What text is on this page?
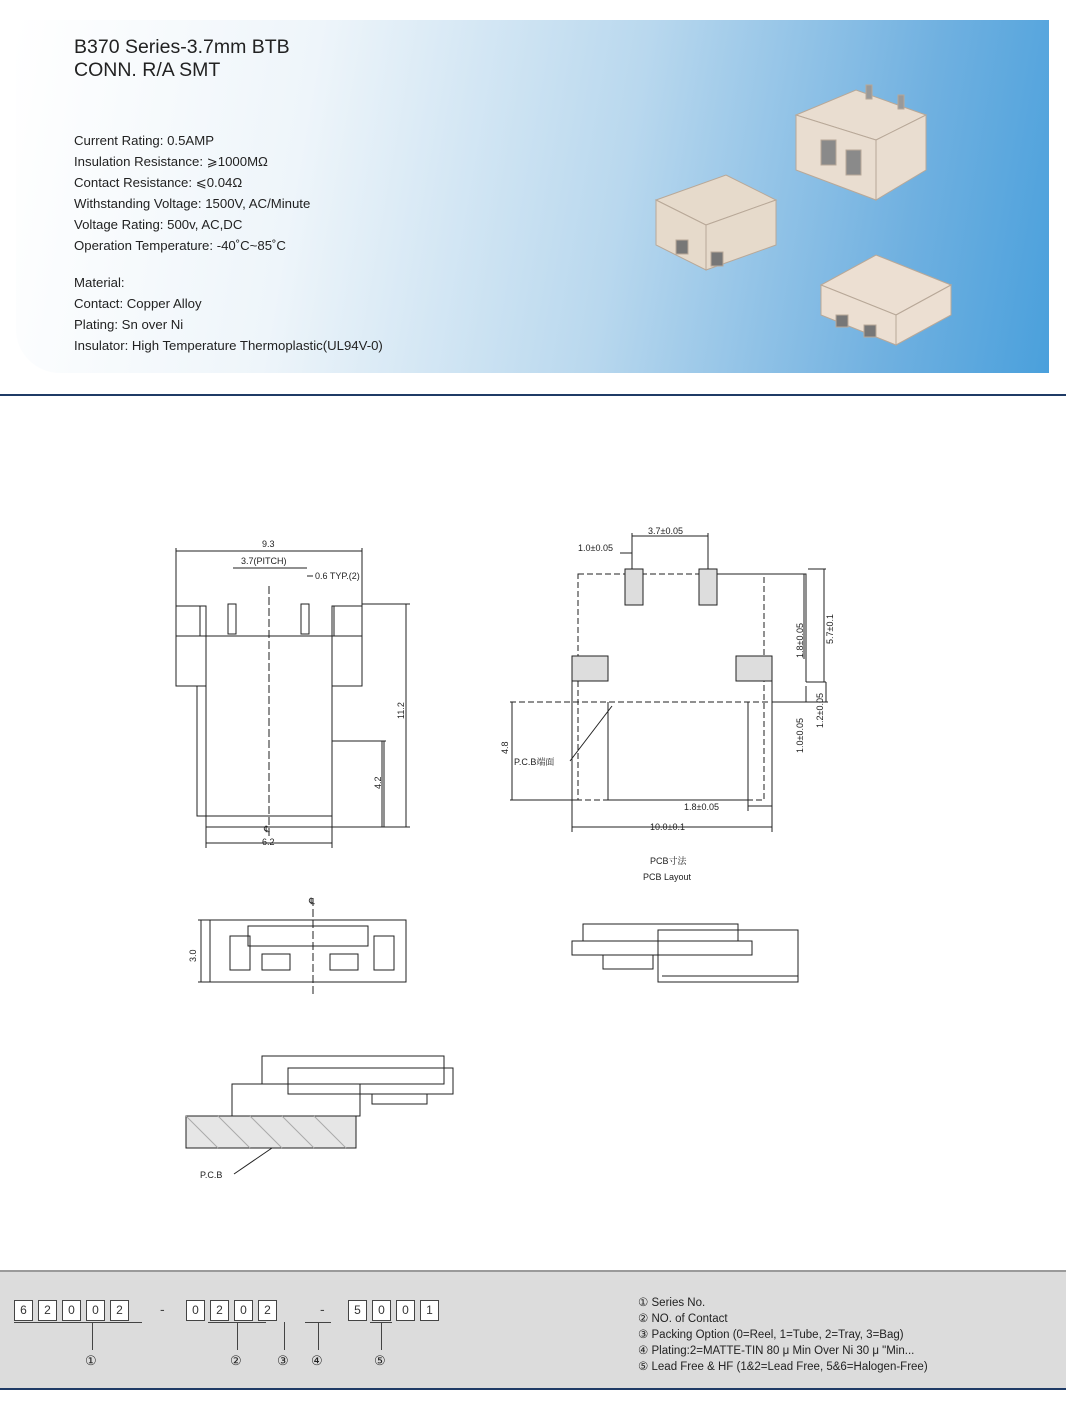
B370 Series-3.7mm BTB
CONN. R/A SMT
Current Rating: 0.5AMP
Insulation Resistance: ⩾1000MΩ
Contact Resistance: ⩽0.04Ω
Withstanding Voltage: 1500V, AC/Minute
Voltage Rating: 500v, AC,DC
Operation Temperature: -40˚C~85˚C
Material:
Contact: Copper Alloy
Plating: Sn over Ni
Insulator: High Temperature Thermoplastic(UL94V-0)
9.3
3.7(PITCH)
0.6 TYP.(2)
11.2
4.2
℄
6.2
3.7±0.05
1.0±0.05
1.8±0.05 5.7±0.1
1.0±0.05
1.2±0.05
4.8
P.C.B端面
1.8±0.05
10.0±0.1
PCB寸法
PCB Layout
℄
3.0
P.C.B
6	2	0	0	2	-	0	2	0	2	-	5	0	0	1
①	②	③ ④	⑤
① Series No.
② NO. of Contact
③ Packing Option (0=Reel, 1=Tube, 2=Tray, 3=Bag)
④ Plating:2=MATTE-TIN 80 μ Min Over Ni 30 μ "Min...
⑤ Lead Free & HF (1&2=Lead Free, 5&6=Halogen-Free)
